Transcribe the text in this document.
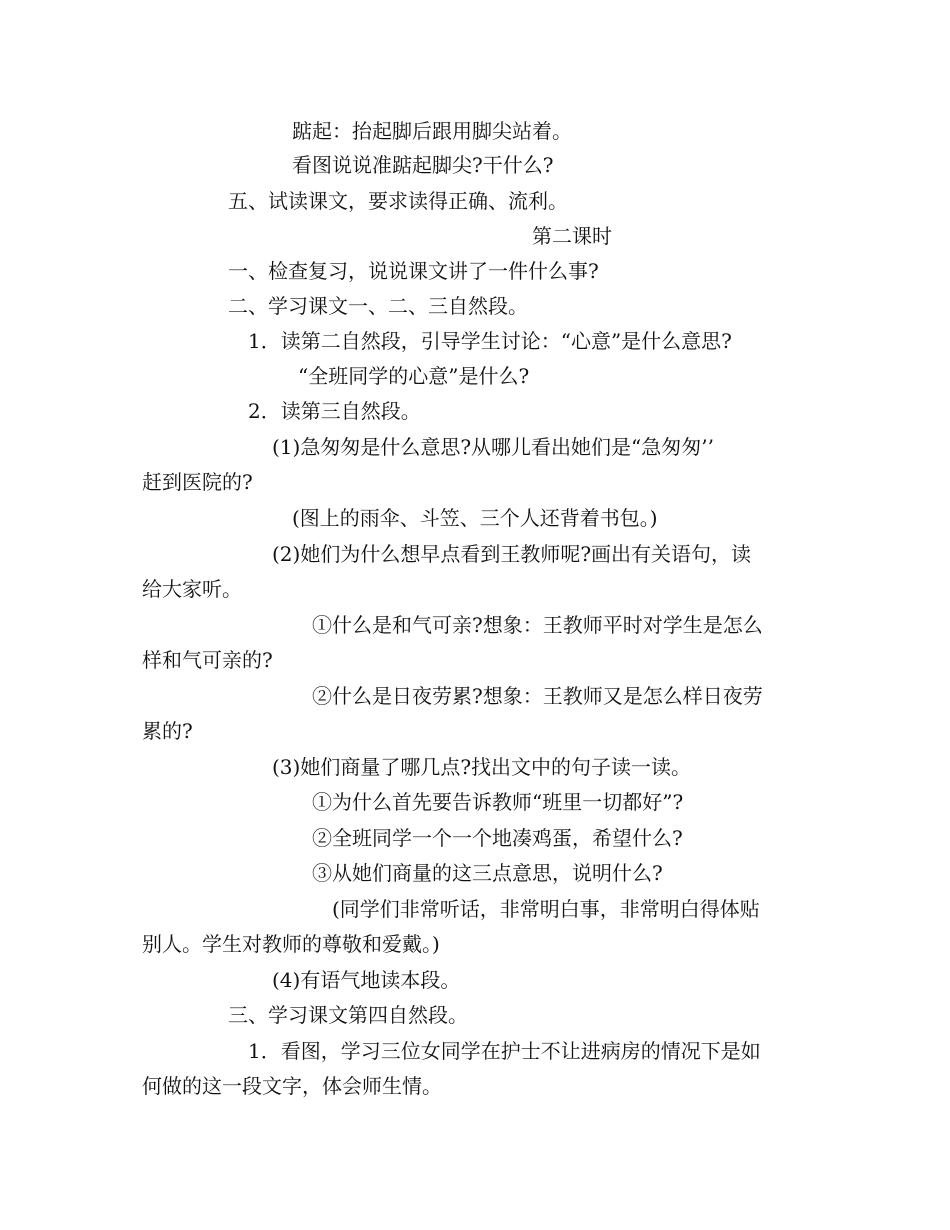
踮起：抬起脚后跟用脚尖站着。

看图说说准踮起脚尖?干什么?

五、试读课文，要求读得正确、流利。

第二课时

一、检查复习，说说课文讲了一件什么事?

二、学习课文一、二、三自然段。

1．读第二自然段，引导学生讨论：“心意”是什么意思?

“全班同学的心意”是什么?

2．读第三自然段。

(1)急匆匆是什么意思?从哪儿看出她们是“急匆匆’’

赶到医院的?

(图上的雨伞、斗笠、三个人还背着书包。)

(2)她们为什么想早点看到王教师呢?画出有关语句，读

给大家听。

①什么是和气可亲?想象：王教师平时对学生是怎么

样和气可亲的?

②什么是日夜劳累?想象：王教师又是怎么样日夜劳

累的?

(3)她们商量了哪几点?找出文中的句子读一读。

①为什么首先要告诉教师“班里一切都好”?

②全班同学一个一个地凑鸡蛋，希望什么?

③从她们商量的这三点意思，说明什么?

(同学们非常听话，非常明白事，非常明白得体贴

别人。学生对教师的尊敬和爱戴。)

(4)有语气地读本段。

三、学习课文第四自然段。

1．看图，学习三位女同学在护士不让进病房的情况下是如

何做的这一段文字，体会师生情。
